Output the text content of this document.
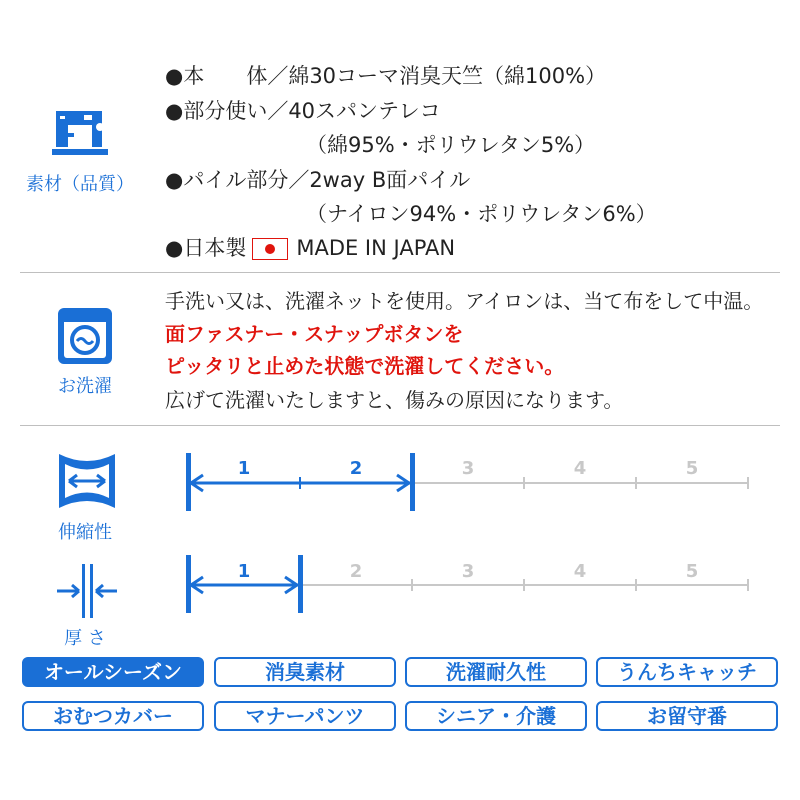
素材（品質）
●本　　体／綿30コーマ消臭天竺（綿100%）
●部分使い／40スパンテレコ
（綿95%・ポリウレタン5%）
●パイル部分／2way B面パイル
（ナイロン94%・ポリウレタン6%）
●日本製 MADE IN JAPAN
お洗濯
手洗い又は、洗濯ネットを使用。アイロンは、当て布をして中温。
面ファスナー・スナップボタンを
ピッタリと止めた状態で洗濯してください。
広げて洗濯いたしますと、傷みの原因になります。
伸縮性
1	2	3	4	5
厚 さ
1	2	3	4	5
オールシーズン	消臭素材	洗濯耐久性	うんちキャッチ
おむつカバー	マナーパンツ	シニア・介護	お留守番
